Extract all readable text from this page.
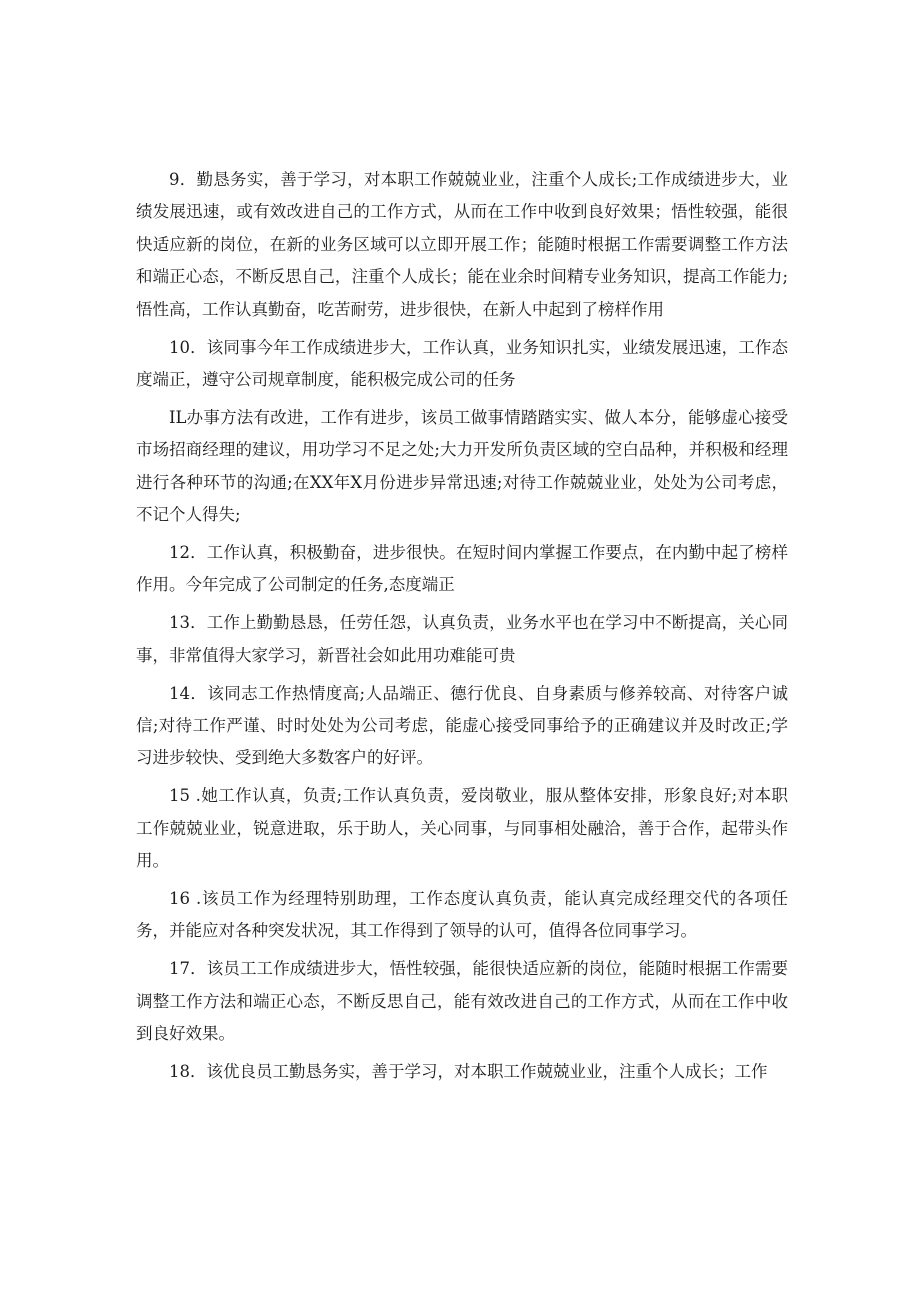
9．勤恳务实，善于学习，对本职工作兢兢业业，注重个人成长;工作成绩进步大，业绩发展迅速，或有效改进自己的工作方式，从而在工作中收到良好效果；悟性较强，能很快适应新的岗位，在新的业务区域可以立即开展工作；能随时根据工作需要调整工作方法和端正心态，不断反思自己，注重个人成长；能在业余时间精专业务知识，提高工作能力;悟性高，工作认真勤奋，吃苦耐劳，进步很快，在新人中起到了榜样作用

10．该同事今年工作成绩进步大，工作认真，业务知识扎实，业绩发展迅速，工作态度端正，遵守公司规章制度，能积极完成公司的任务

IL办事方法有改进，工作有进步，该员工做事情踏踏实实、做人本分，能够虚心接受市场招商经理的建议，用功学习不足之处;大力开发所负责区域的空白品种，并积极和经理进行各种环节的沟通;在XX年X月份进步异常迅速;对待工作兢兢业业，处处为公司考虑，不记个人得失;

12．工作认真，积极勤奋，进步很快。在短时间内掌握工作要点，在内勤中起了榜样作用。今年完成了公司制定的任务,态度端正

13．工作上勤勤恳恳，任劳任怨，认真负责，业务水平也在学习中不断提高，关心同事，非常值得大家学习，新晋社会如此用功难能可贵

14．该同志工作热情度高;人品端正、德行优良、自身素质与修养较高、对待客户诚信;对待工作严谨、时时处处为公司考虑，能虚心接受同事给予的正确建议并及时改正;学习进步较快、受到绝大多数客户的好评。

15 .她工作认真，负责;工作认真负责，爱岗敬业，服从整体安排，形象良好;对本职工作兢兢业业，锐意进取，乐于助人，关心同事，与同事相处融洽，善于合作，起带头作用。

16 .该员工作为经理特别助理，工作态度认真负责，能认真完成经理交代的各项任务，并能应对各种突发状况，其工作得到了领导的认可，值得各位同事学习。

17．该员工工作成绩进步大，悟性较强，能很快适应新的岗位，能随时根据工作需要调整工作方法和端正心态，不断反思自己，能有效改进自己的工作方式，从而在工作中收到良好效果。

18．该优良员工勤恳务实，善于学习，对本职工作兢兢业业，注重个人成长；工作
